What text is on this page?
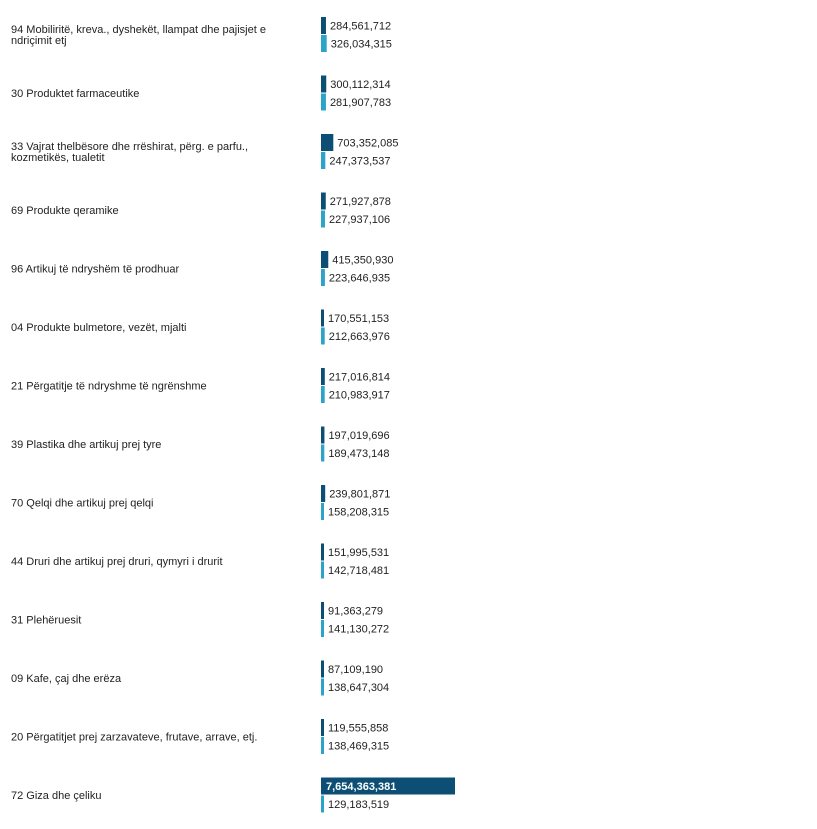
94 Mobiliritë, kreva., dyshekët, llampat dhe pajisjet e ndriçimit etj
30 Produktet farmaceutike
33 Vajrat thelbësore dhe rrëshirat, përg. e parfu., kozmetikës, tualetit
69 Produkte qeramike
96 Artikuj të ndryshëm të prodhuar
04 Produkte bulmetore, vezët, mjalti
21 Përgatitje të ndryshme të ngrënshme
39 Plastika dhe artikuj prej tyre
70 Qelqi dhe artikuj prej qelqi
44 Druri dhe artikuj prej druri, qymyri i drurit
31 Plehëruesit
09 Kafe, çaj dhe erëza
20 Përgatitjet prej zarzavateve, frutave, arrave, etj.
72 Giza dhe çeliku
284,561,712
326,034,315
300,112,314
281,907,783
703,352,085
247,373,537
271,927,878
227,937,106
415,350,930
223,646,935
170,551,153
212,663,976
217,016,814
210,983,917
197,019,696
189,473,148
239,801,871
158,208,315
151,995,531
142,718,481
91,363,279
141,130,272
87,109,190
138,647,304
119,555,858
138,469,315
7,654,363,381
129,183,519
